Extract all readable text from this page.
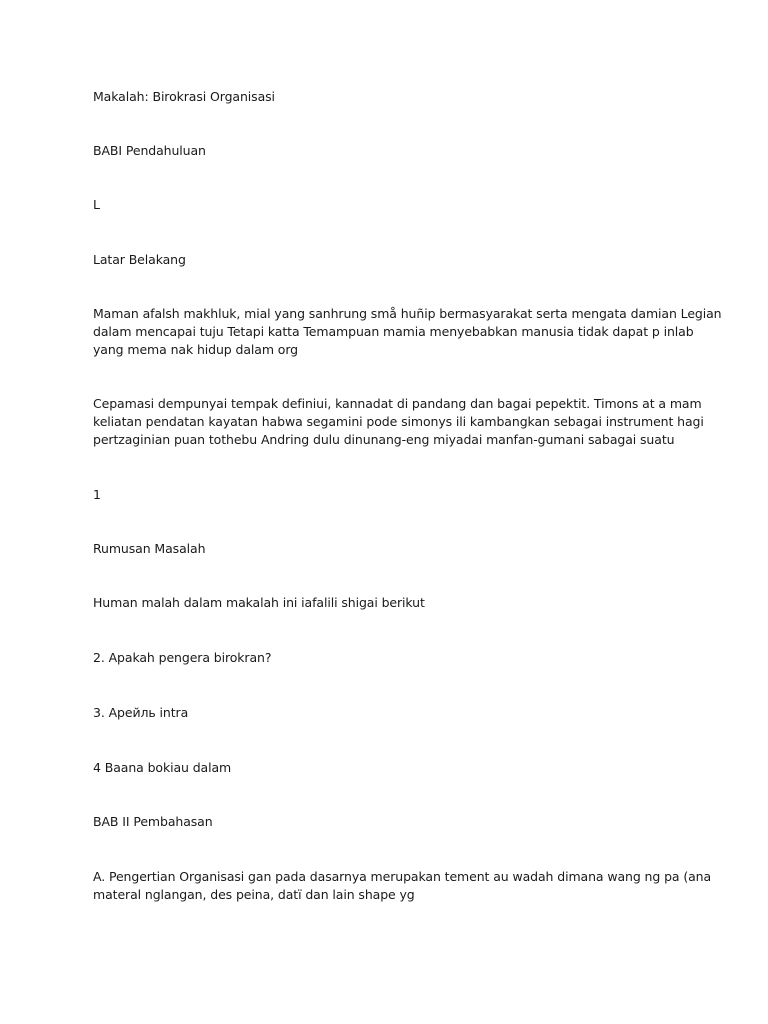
Makalah: Birokrasi Organisasi
BABI Pendahuluan
L
Latar Belakang
Maman afalsh makhluk, mial yang sanhrung små huñip bermasyarakat serta mengata damian Legian
dalam mencapai tuju Tetapi katta Temampuan mamia menyebabkan manusia tidak dapat p inlab
yang mema nak hidup dalam org
Cepamasi dempunyai tempak definiui, kannadat di pandang dan bagai pepektit. Timons at a mam
keliatan pendatan kayatan habwa segamini pode simonys ili kambangkan sebagai instrument hagi
pertzaginian puan tothebu Andring dulu dinunang-eng miyadai manfan-gumani sabagai suatu
1
Rumusan Masalah
Human malah dalam makalah ini iafalili shigai berikut
2. Apakah pengera birokran?
3. Арейль intra
4 Baana bokiau dalam
BAB II Pembahasan
A. Pengertian Organisasi gan pada dasarnya merupakan tement au wadah dimana wang ng pa (ana
materal nglangan, des peina, datï dan lain shape yg
